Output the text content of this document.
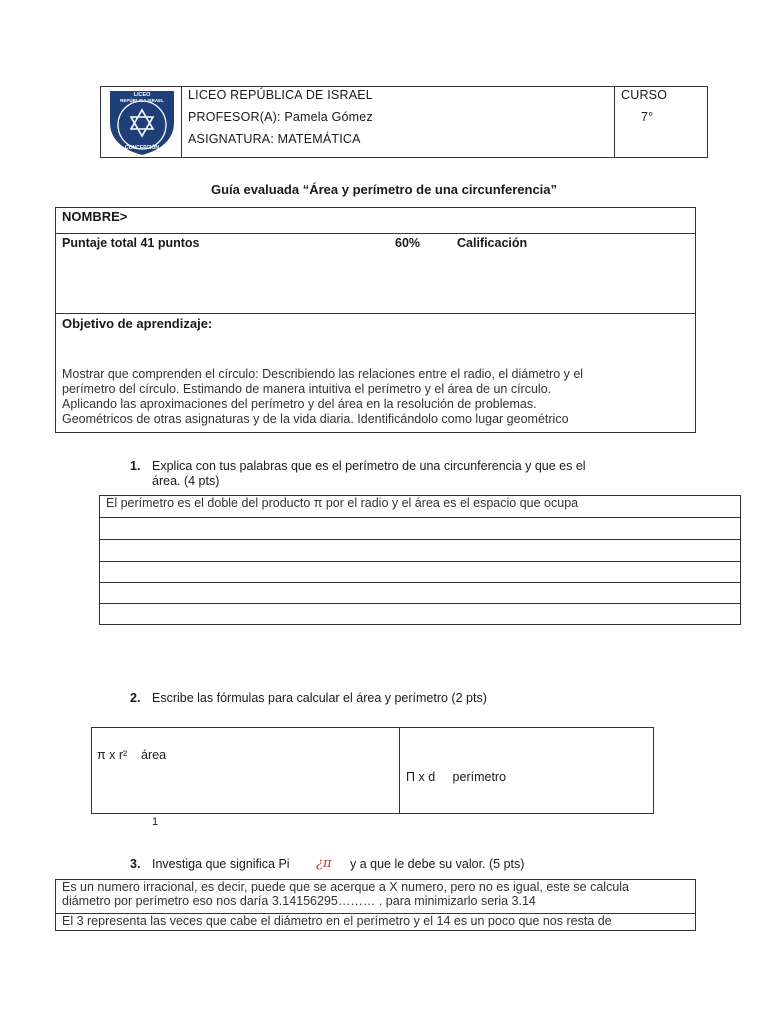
LICEO
REPÚBLICA ISRAEL
CONCEPCIÓN
LICEO REPÚBLICA DE ISRAEL
PROFESOR(A): Pamela Gómez
ASIGNATURA: MATEMÁTICA
CURSO
7°
Guía evaluada “Área y perímetro de una circunferencia”
NOMBRE>
Puntaje total 41 puntos	60%	Calificación
Objetivo de aprendizaje:
Mostrar que comprenden el círculo: Describiendo las relaciones entre el radio, el diámetro y el
perímetro del círculo. Estimando de manera intuitiva el perímetro y el área de un círculo.
Aplicando las aproximaciones del perímetro y del área en la resolución de problemas.
Geométricos de otras asignaturas y de la vida diaria. Identificándolo como lugar geométrico
1. Explica con tus palabras que es el perímetro de una circunferencia y que es el
área. (4 pts)
El perímetro es el doble del producto π por el radio y el área es el espacio que ocupa
2. Escribe las fórmulas para calcular el área y perímetro (2 pts)
π x r²    área
Π x d     perímetro
1
3. Investiga que significa Pi ¿π y a que le debe su valor. (5 pts)
Es un numero irracional, es decir, puede que se acerque a X numero, pero no es igual, este se calcula
diámetro por perímetro eso nos daría 3.14156295……… . para minimizarlo seria 3.14
El 3 representa las veces que cabe el diámetro en el perímetro y el 14 es un poco que nos resta de
